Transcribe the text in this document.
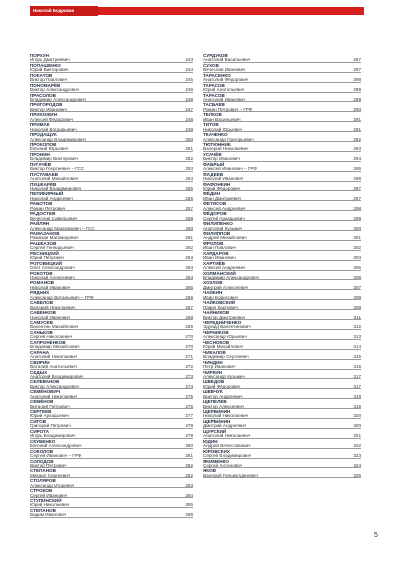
Николай Бодрикин
ПОРХУН
Игорь Дмитриевич	243
ПОПАШЕНКО
Юрий Викторович	244
ПОКАТОВ
Виктор Павлович	245
ПОНОМАРЁВ
Виктор Александрович	246
ПРАСОЛОВ
Владимир Александрович	246
ПРИГОРОДОВ
Виктор Иванович	247
ПРИХОЖИН
Алексей Фёдорович	248
ПРИМАК
Николай Богдарьевич	249
ПРОДАЩУК
Александр Владимирович	250
ПРОКОПОВ
Евгений Юрьевич	251
ПРОНИН
Владимир Викторович	252
ПУГАЧЁВ
Виктор Георгиевич – ГСС	253
ПУСТАВАЕВ
Анатолий Михайлович	254
ПУШКАРЁВ
Николай Владимирович	255
ПЕПИКИРНЫЙ
Николай Андреевич	256
РАБОТОВ
Роман Петрович	257
РАДОСТЕВ
Вячеслав Савельевич	258
РАЙЛЯН
Александр Максимович – ГСС	260
РАМАЗАНОВ
Рамазан Магомедович	261
РАШКАЗОВ
Сергей Геннадьевич	262
РЕСНИЦКИЙ
Юрий Петрович	263
РОГОВИЦКИЙ
Олег Александрович	264
РОКОТОВ
Николай Алексеевич	264
РОМАНОВ
Николай Иванович	265
РЯДНИХ
Александр Витальевич – ГРФ	266
САВЕЛОВ
Валерий Николаевич	267
САВЕНКОВ
Николай Иванович	268
САМУСЕВ
Валентин Михайлович	269
САНЬКОВ
Сергей Николаевич	270
САПРОНЕНКОВ
Владимир Михайлович	270
САРАНА
Анатолий Николаевич	271
СВИРИН
Виталий Анатольевич	272
СЕДЫХ
Анатолий Владимирович	273
СЕЛЕВАНОВ
Виктор Александрович	274
СЕМЁНОВИЧ
Анатолий Николаевич	275
СЕМЁНОВ
Виталий Петрович	276
СЕРГЕЕВ
Юрий Аркадьевич	277
СИГОВ
Григорий Петрович	278
СИРОТА
Игорь Владимирович	279
СКУБЕНКО
Евгений Александрович	280
СОКОЛОВ
Сергей Иванович – ГРФ	281
СОЛОДОВ
Виктор Петрович	282
СТЕПАНОВ
Михаил Сергеевич	282
СТОЛЯРОВ
Александр Игоревич	283
СТРОКОВ
Сергей Иванович	284
СТУПИНСКИЙ
Юрий Николаевич	285
СТЕПАНОВ
Вадим Иванович	286
СУРДУКОВ
Анатолий Васильевич	287
СУХОВ
Вячеслав Иванович	287
ТАРАСЕНКО
Анатолий Фёдорович	288
ТАРАСОВ
Юрий Анатольевич	289
ТАРАСОВ
Анатолий Иванович	289
ТАСБАЕВ
Роман Петрович – ГРФ	290
ТЕЛКОВ
Иван Васильевич	291
ТИТОВ
Николай Юрьевич	291
ТКАЧЕНКО
Александр Григорьевич	292
ТЮТЮННИК
Валерий Николаевич	293
УСАЧЁВ
Виктор Иванович	294
ФАБРЫЙ
Алексей Иванович – ГРФ	295
ФАДЕЕВ
Николай Иванович	296
ФАФОНКИН
Юрий Фёдорович	297
ФЁДИН
Иван Дмитриевич	297
ФЕТИСОВ
Алексей Андреевич	298
ФЁДОРОВ
Сергей Аркадьевич	299
ФИЛИПЕНКО
Анатолий Кузьмич	300
ФИЛИППОВ
Андрей Михайлович	301
ФРОЛОВ
Иван Павлович	302
ХАРДАРОВ
Иван Иванович	303
ХАРТИЁВ
Алексей Андреевич	305
ХОЛМАНСКИЙ
Владимир Александрович	306
ХОХЛОВ
Дмитрий Алексеевич	307
ЧАЙКИН
Иван Борисович	308
ЧАЙКОВСКИЙ
Павел Карпович	309
ЧАЙНИКОВ
Виктор Дмитриевич	311
ЧЕРЕДНИЧЕНКО
Эдуард Валентинович	312
ЧЕРНИКОВ
Александр Юрьевич	313
ЧЕСНОКОВ
Юрий Михайлович	314
ЧИКАЛОВ
Владимир Сергеевич	315
ЧИНДИН
Петр Иванович	316
ЧИРКИН
Александр Кузьмич	317
ШВЕДОВ
Юрий Фёдорович	317
ШЕВЧУК
Виктор Андреевич	318
ЩЕПЕЛЕВ
Виктор Алексеевич	319
ЩЕРБИНИН
Николай Николаевич	320
ЩЕРБИНИН
Дмитрий Андреевич	320
ЩУРСКИЙ
Анатолий Николаевич	321
ЮДИН
Андрей Вячеславович	322
ЮРОВСКИХ
Сергей Владимирович	323
ЯКИМЕНКО
Сергей Антонович	324
ЯКОВ
Валерий Гильмутдинович	325
5
